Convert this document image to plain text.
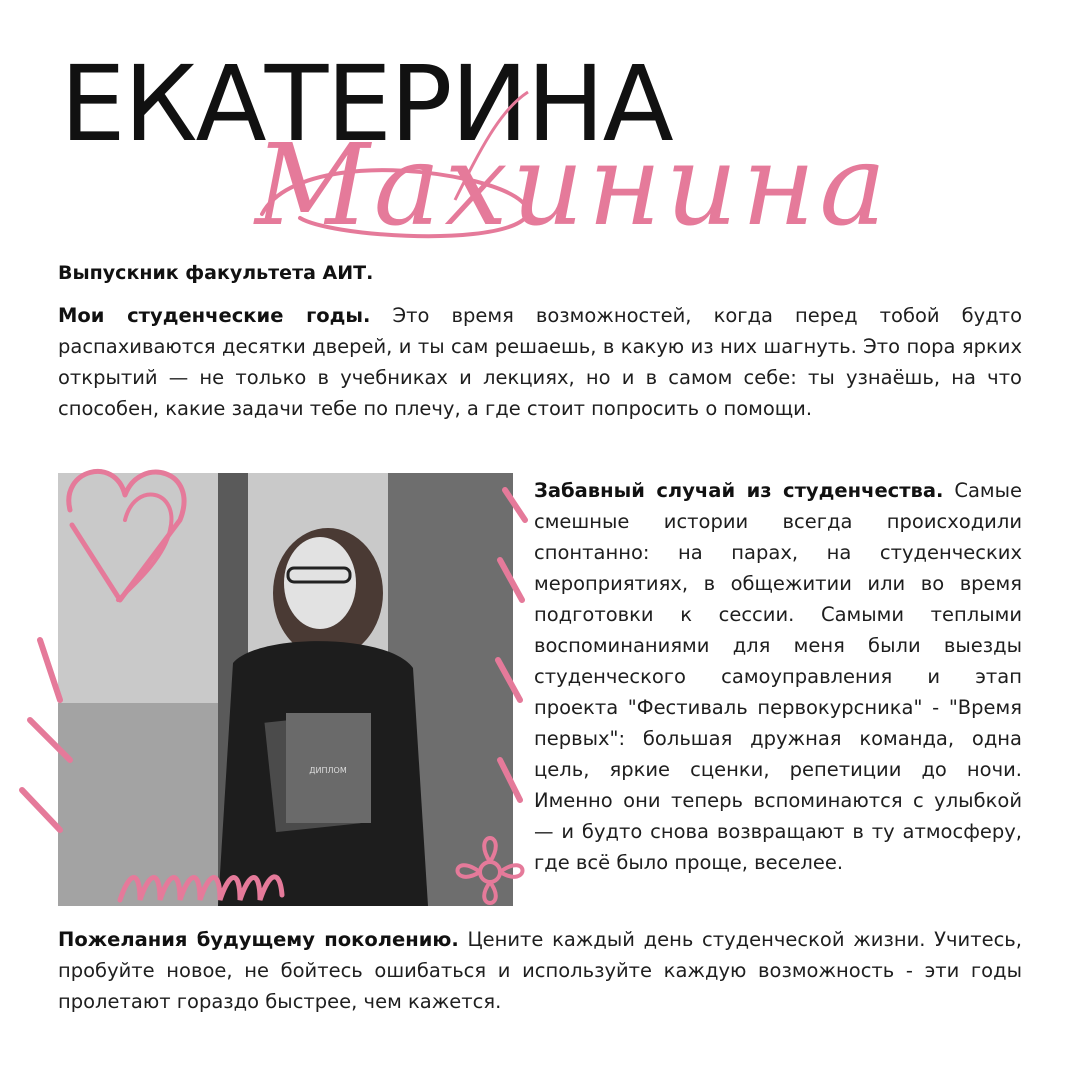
ЕКАТЕРИНА
Махинина
Выпускник факультета АИТ.

Мои студенческие годы. Это время возможностей, когда перед тобой будто распахиваются десятки дверей, и ты сам решаешь, в какую из них шагнуть. Это пора ярких открытий — не только в учебниках и лекциях, но и в самом себе: ты узнаёшь, на что способен, какие задачи тебе по плечу, а где стоит попросить о помощи.

ДИПЛОМ

Забавный случай из студенчества. Самые смешные истории всегда происходили спонтанно: на парах, на студенческих мероприятиях, в общежитии или во время подготовки к сессии. Самыми теплыми воспоминаниями для меня были выезды студенческого самоуправления и этап проекта "Фестиваль первокурсника" - "Время первых": большая дружная команда, одна цель, яркие сценки, репетиции до ночи. Именно они теперь вспоминаются с улыбкой — и будто снова возвращают в ту атмосферу, где всё было проще, веселее.

Пожелания будущему поколению. Цените каждый день студенческой жизни. Учитесь, пробуйте новое, не бойтесь ошибаться и используйте каждую возможность - эти годы пролетают гораздо быстрее, чем кажется.
